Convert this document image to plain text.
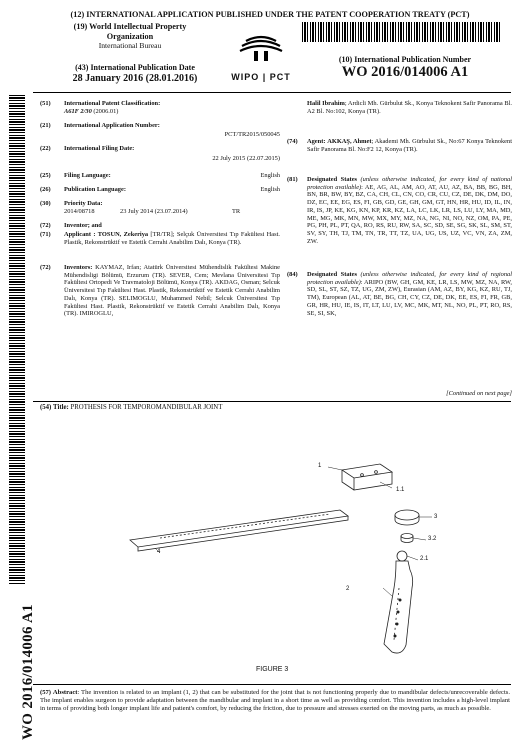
(12) INTERNATIONAL APPLICATION PUBLISHED UNDER THE PATENT COOPERATION TREATY (PCT)
(19) World Intellectual Property
Organization
International Bureau
(43) International Publication Date
28 January 2016 (28.01.2016)	WIPO | PCT
(10) International Publication Number
WO 2016/014006 A1
WO 2016/014006 A1
(51) International Patent Classification:
A61F 2/30 (2006.01)
(21) International Application Number:
PCT/TR2015/050045
(22) International Filing Date:
22 July 2015 (22.07.2015)
(25) Filing Language:	English
(26) Publication Language:	English
(30) Priority Data:
2014/08718	23 July 2014 (23.07.2014)	TR
(72) Inventor; and
(71) Applicant : TOSUN, Zekeriya [TR/TR]; Selçuk Üniversitesi Tıp Fakültesi Hast. Plastik, Rekonstrüktif ve Estetik Cerrahi Anabilim Dalı, Konya (TR).

(72) Inventors: KAYMAZ, Irfan; Atatürk Üniversitesi Mühendislik Fakültesi Makine Mühendisligi Bölümü, Erzurum (TR). SEVER, Cem; Mevlana Üniversitesi Tıp Fakültesi Ortopedi Ve Travmatoloji Bölümü, Konya (TR). AKDAG, Osman; Selcuk Üniversitesi Tıp Fakültesi Hast. Plastik, Rekonstrüktif ve Estetik Cerrahi Anabilim Dalı, Konya (TR). SELIMOGLU, Muhammed Nebil; Selcuk Üniversitesi Tıp Fakültesi Hast. Plastik, Rekonstrüktif ve Estetik Cerrahi Anabilim Dalı, Konya (TR). IMIROGLU,

Halil Ibrahim; Ardicli Mh. Gürbulut Sk., Konya Teknokent Safir Panorama Bl. A2 Bl. No:102, Konya (TR).

(74) Agent: AKKAŞ, Ahmet; Akademi Mh. Gürbulut Sk., No:67 Konya Teknokent Safir Panorama Bl. No:F2 12, Konya (TR).

(81) Designated States (unless otherwise indicated, for every kind of national protection available): AE, AG, AL, AM, AO, AT, AU, AZ, BA, BB, BG, BH, BN, BR, BW, BY, BZ, CA, CH, CL, CN, CO, CR, CU, CZ, DE, DK, DM, DO, DZ, EC, EE, EG, ES, FI, GB, GD, GE, GH, GM, GT, HN, HR, HU, ID, IL, IN, IR, IS, JP, KE, KG, KN, KP, KR, KZ, LA, LC, LK, LR, LS, LU, LY, MA, MD, ME, MG, MK, MN, MW, MX, MY, MZ, NA, NG, NI, NO, NZ, OM, PA, PE, PG, PH, PL, PT, QA, RO, RS, RU, RW, SA, SC, SD, SE, SG, SK, SL, SM, ST, SV, SY, TH, TJ, TM, TN, TR, TT, TZ, UA, UG, US, UZ, VC, VN, ZA, ZM, ZW.

(84) Designated States (unless otherwise indicated, for every kind of regional protection available): ARIPO (BW, GH, GM, KE, LR, LS, MW, MZ, NA, RW, SD, SL, ST, SZ, TZ, UG, ZM, ZW), Eurasian (AM, AZ, BY, KG, KZ, RU, TJ, TM), European (AL, AT, BE, BG, CH, CY, CZ, DE, DK, EE, ES, FI, FR, GB, GR, HR, HU, IE, IS, IT, LT, LU, LV, MC, MK, MT, NL, NO, PL, PT, RO, RS, SE, SI, SK,

[Continued on next page]
(54) Title: PROTHESIS FOR TEMPOROMANDIBULAR JOINT
1
1.1
3
3.2
4
2.1
2
FIGURE 3
(57) Abstract: The invention is related to an implant (1, 2) that can be substituted for the joint that is not functioning properly due to mandibular defects/unrecoverable defects. The implant enables surgeon to provide adaptation between the mandibular and implant in a short time as well as providing comfort. This invention includes a high-level implant in terms of providing both longer implant life and patient's comfort, by reducing the friction, due to pressure and stresses exerted on the moving parts, as much as possible.
